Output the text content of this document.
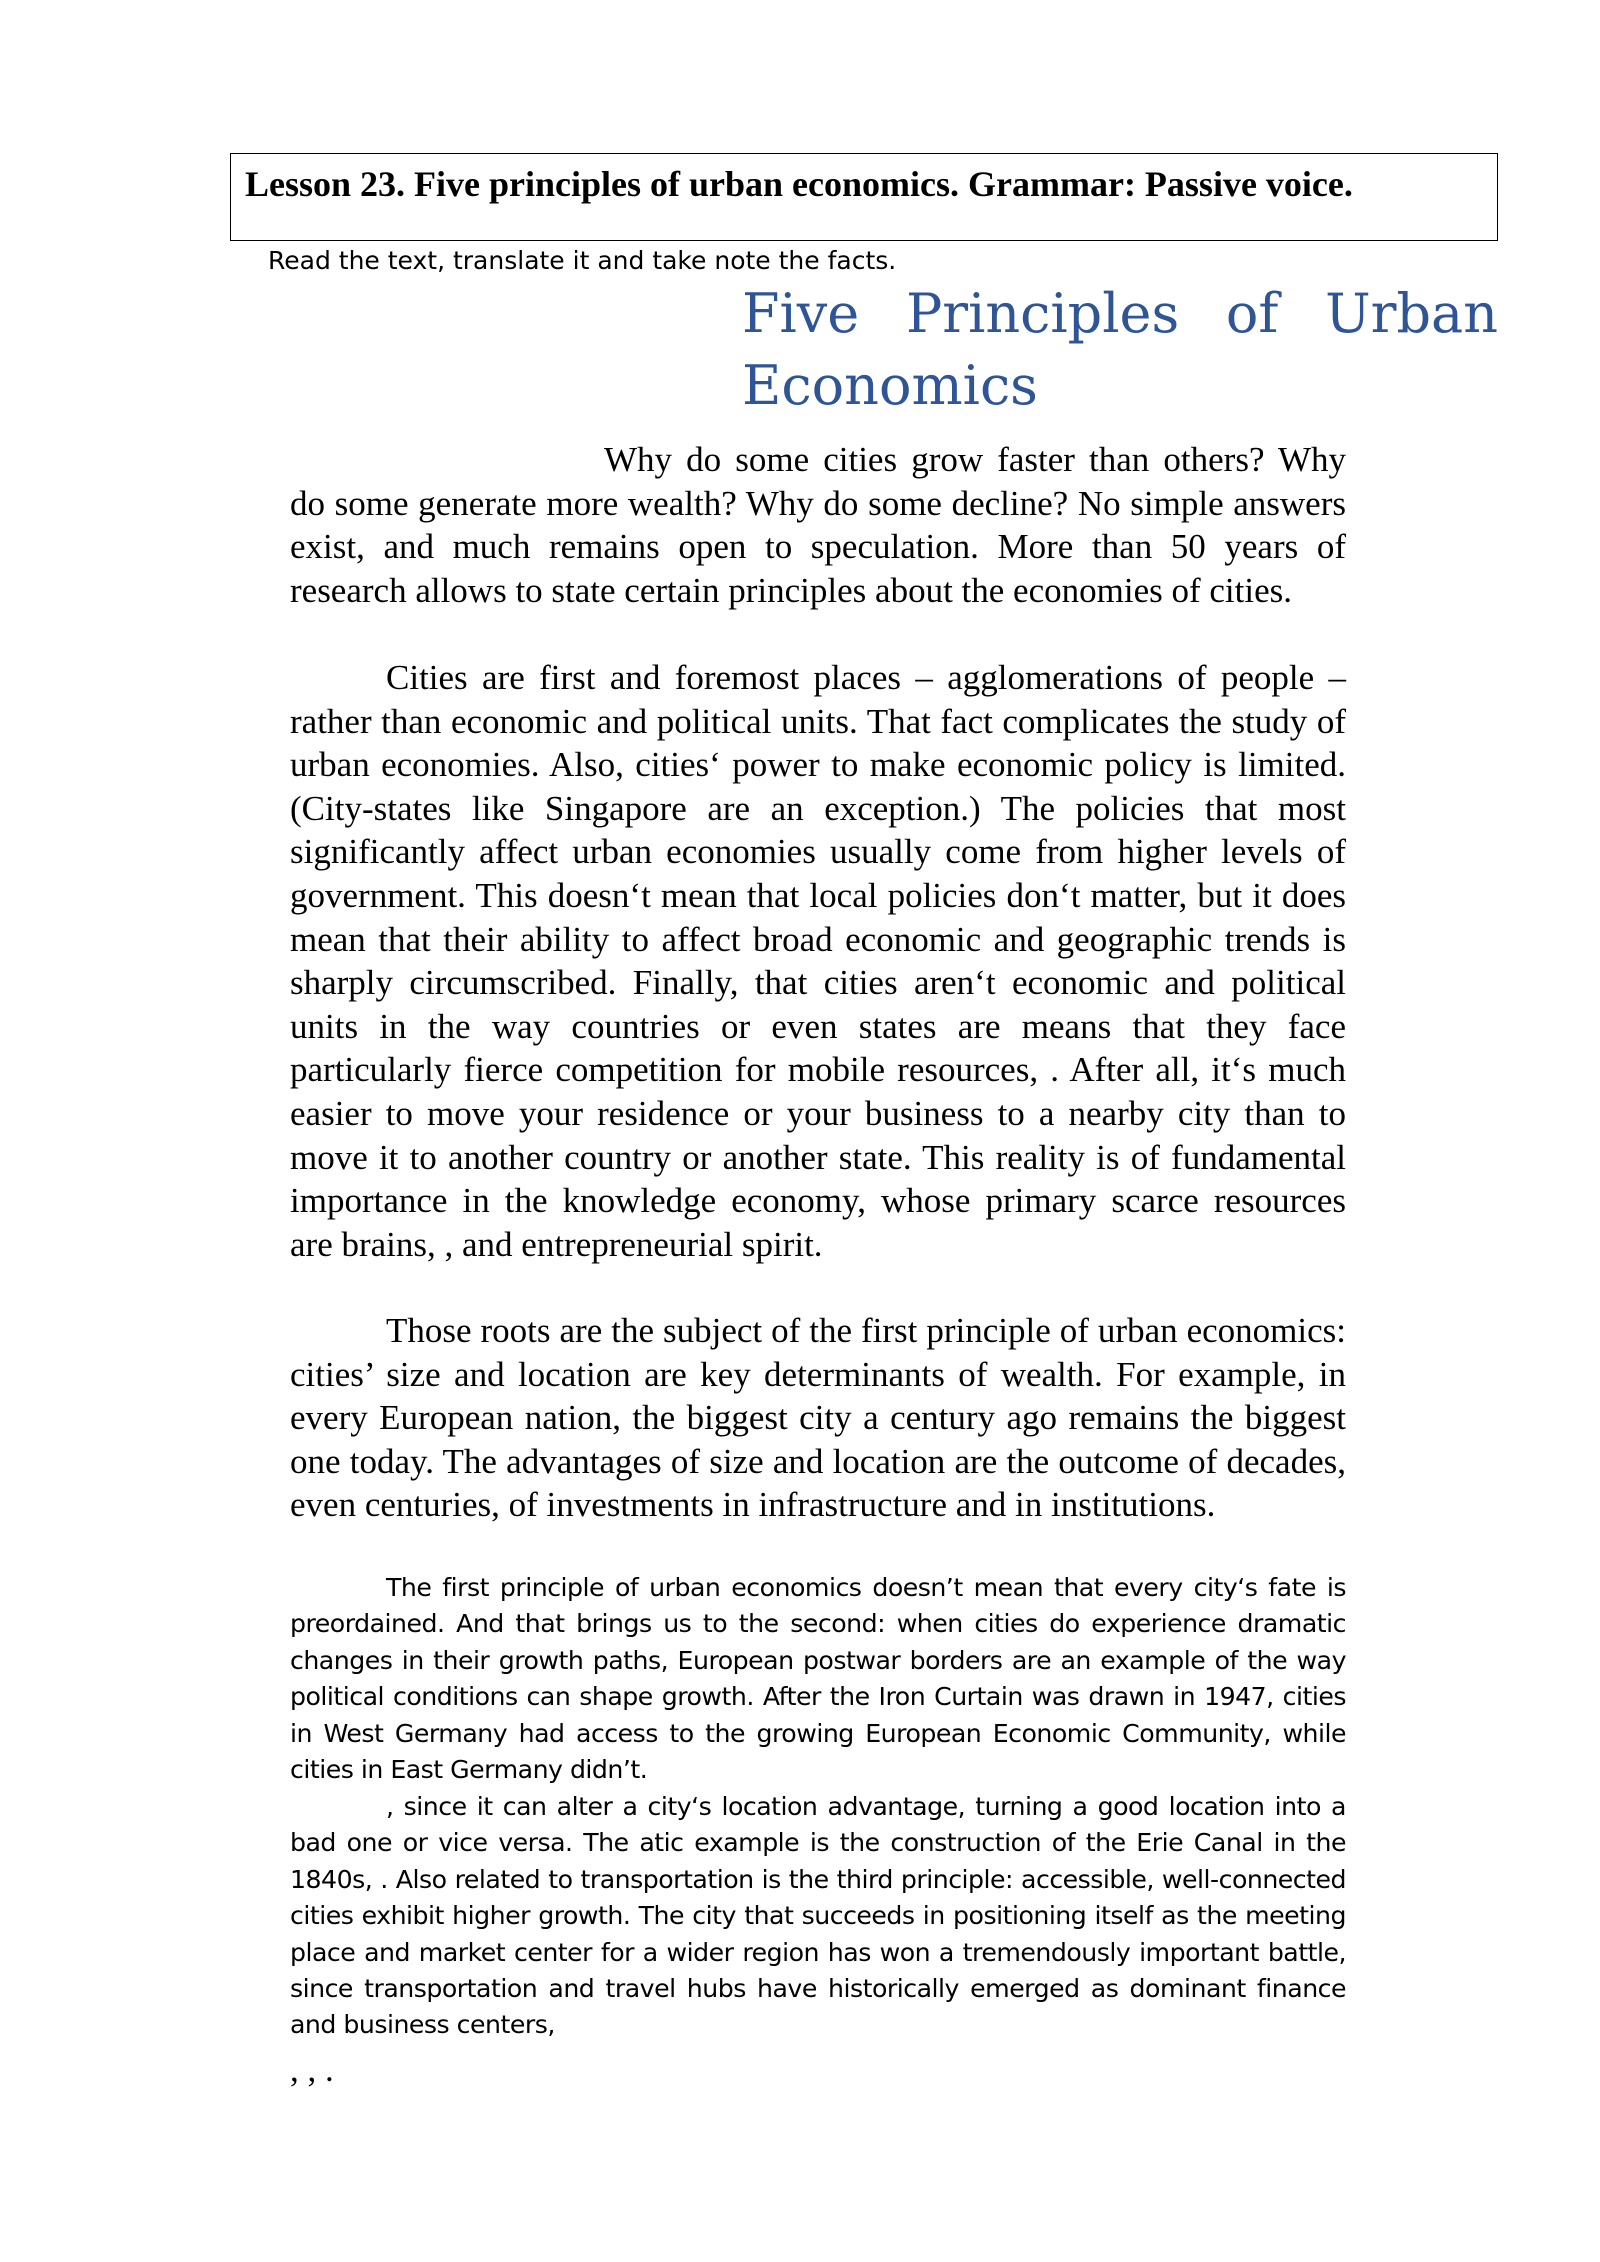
Lesson 23. Five principles of urban economics. Grammar: Passive voice.

Read the text, translate it and take note the facts.

Five Principles of Urban Economics

Why do some cities grow faster than others? Why do some generate more wealth? Why do some decline? No simple answers exist, and much remains open to speculation. More than 50 years of research allows to state certain principles about the economies of cities.

Cities are first and foremost places – agglomerations of people – rather than economic and political units. That fact complicates the study of urban economies. Also, cities‘ power to make economic policy is limited. (City-states like Singapore are an exception.) The policies that most significantly affect urban economies usually come from higher levels of government. This doesn‘t mean that local policies don‘t matter, but it does mean that their ability to affect broad economic and geographic trends is sharply circumscribed. Finally, that cities aren‘t economic and political units in the way countries or even states are means that they face particularly fierce competition for mobile resources, . After all, it‘s much easier to move your residence or your business to a nearby city than to move it to another country or another state. This reality is of fundamental importance in the knowledge economy, whose primary scarce resources are brains, , and entrepreneurial spirit.

Those roots are the subject of the first principle of urban economics: cities’ size and location are key determinants of wealth. For example, in every European nation, the biggest city a century ago remains the biggest one today. The advantages of size and location are the outcome of decades, even centuries, of investments in infrastructure and in institutions.

The first principle of urban economics doesn’t mean that every city‘s fate is preordained. And that brings us to the second: when cities do experience dramatic changes in their growth paths, European postwar borders are an example of the way political conditions can shape growth. After the Iron Curtain was drawn in 1947, cities in West Germany had access to the growing European Economic Community, while cities in East Germany didn’t.

, since it can alter a city‘s location advantage, turning a good location into a bad one or vice versa. The atic example is the construction of the Erie Canal in the 1840s, . Also related to transportation is the third principle: accessible, well-connected cities exhibit higher growth. The city that succeeds in positioning itself as the meeting place and market center for a wider region has won a tremendously important battle, since transportation and travel hubs have historically emerged as dominant finance and business centers,

, , .
